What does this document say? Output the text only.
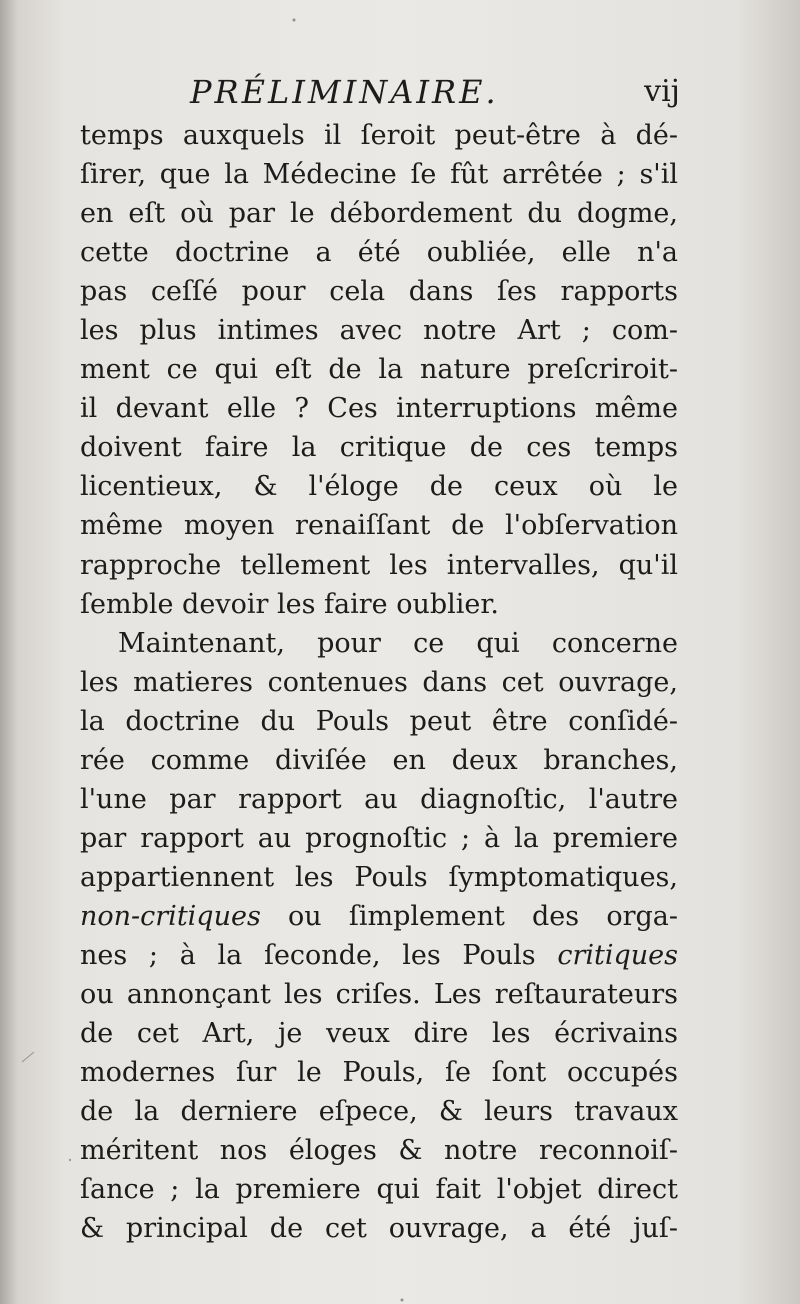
PRÉLIMINAIRE.	vij
temps auxquels il ſeroit peut-être à dé-
ſirer, que la Médecine ſe fût arrêtée ; s'il
en eſt où par le débordement du dogme,
cette doctrine a été oubliée, elle n'a
pas ceſſé pour cela dans ſes rapports
les plus intimes avec notre Art ; com-
ment ce qui eſt de la nature preſcriroit-
il devant elle ? Ces interruptions même
doivent faire la critique de ces temps
licentieux, & l'éloge de ceux où le
même moyen renaiſſant de l'obſervation
rapproche tellement les intervalles, qu'il
ſemble devoir les faire oublier.
Maintenant, pour ce qui concerne
les matieres contenues dans cet ouvrage,
la doctrine du Pouls peut être conſidé-
rée comme diviſée en deux branches,
l'une par rapport au diagnoſtic, l'autre
par rapport au prognoſtic ; à la premiere
appartiennent les Pouls ſymptomatiques,
non-critiques ou ſimplement des orga-
nes ; à la ſeconde, les Pouls critiques
ou annonçant les criſes. Les reſtaurateurs
de cet Art, je veux dire les écrivains
modernes ſur le Pouls, ſe ſont occupés
de la derniere eſpece, & leurs travaux
méritent nos éloges & notre reconnoiſ-
ſance ; la premiere qui fait l'objet direct
& principal de cet ouvrage, a été juſ-
